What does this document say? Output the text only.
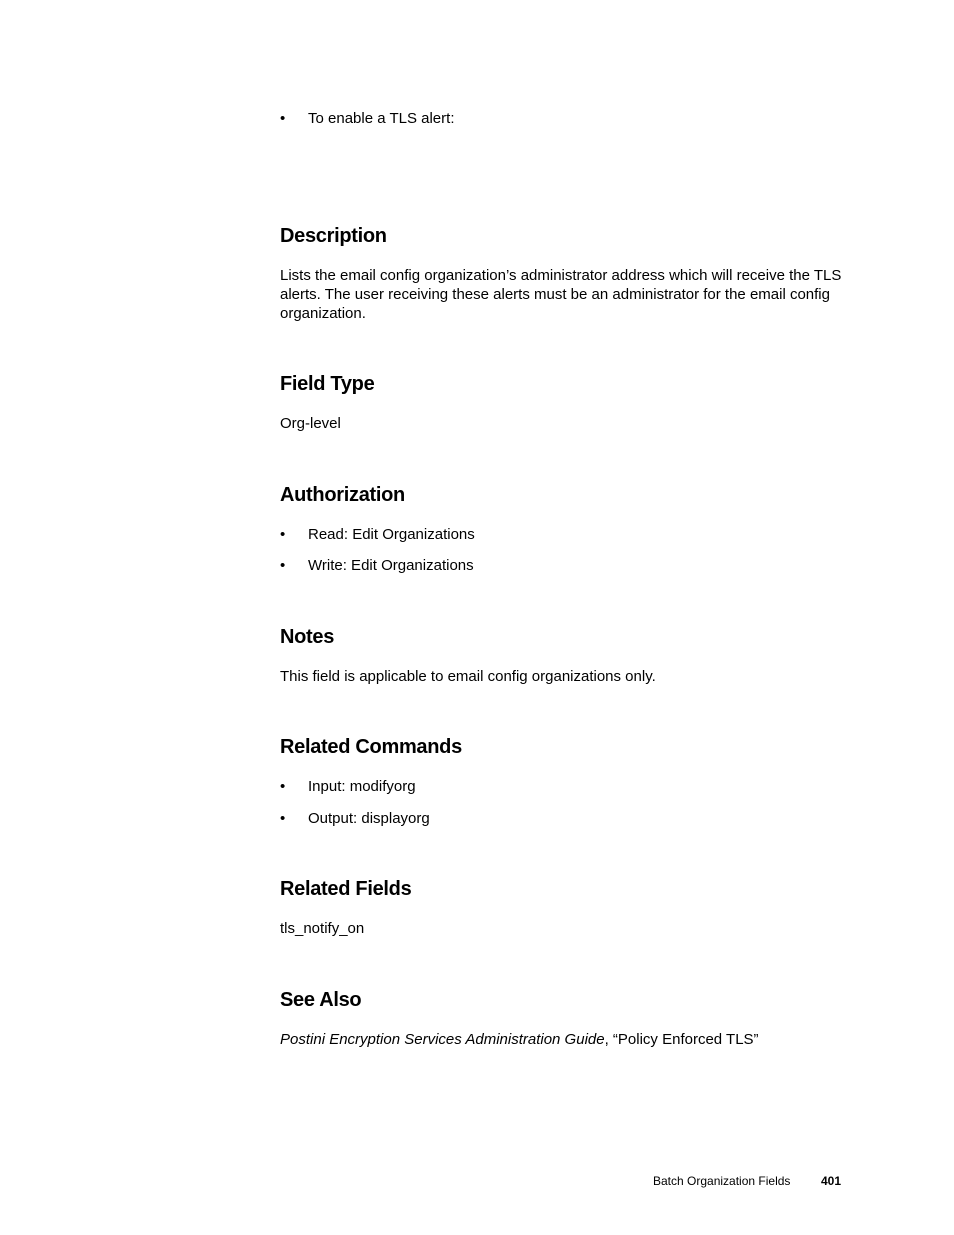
• To enable a TLS alert:
Description
Lists the email config organization’s administrator address which will receive the TLS alerts. The user receiving these alerts must be an administrator for the email config organization.
Field Type
Org-level
Authorization
• Read: Edit Organizations
• Write: Edit Organizations
Notes
This field is applicable to email config organizations only.
Related Commands
• Input: modifyorg
• Output: displayorg
Related Fields
tls_notify_on
See Also
Postini Encryption Services Administration Guide, “Policy Enforced TLS”
Batch Organization Fields	401
